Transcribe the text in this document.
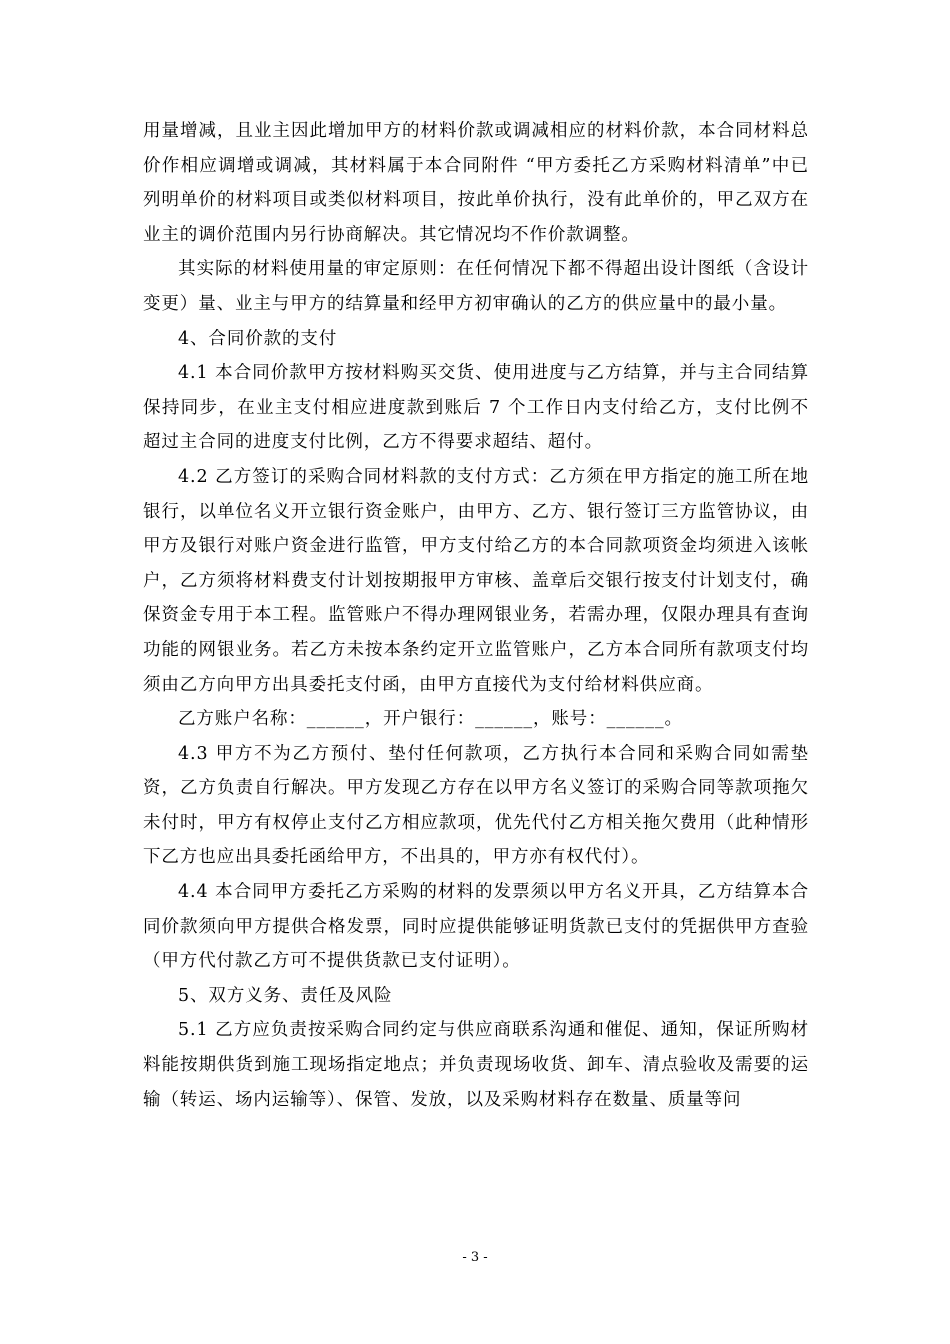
用量增减，且业主因此增加甲方的材料价款或调减相应的材料价款，本合同材料总价作相应调增或调减，其材料属于本合同附件 “甲方委托乙方采购材料清单”中已列明单价的材料项目或类似材料项目，按此单价执行，没有此单价的，甲乙双方在业主的调价范围内另行协商解决。其它情况均不作价款调整。

其实际的材料使用量的审定原则：在任何情况下都不得超出设计图纸（含设计变更）量、业主与甲方的结算量和经甲方初审确认的乙方的供应量中的最小量。

4、合同价款的支付

4.1 本合同价款甲方按材料购买交货、使用进度与乙方结算，并与主合同结算保持同步，在业主支付相应进度款到账后 7 个工作日内支付给乙方，支付比例不超过主合同的进度支付比例，乙方不得要求超结、超付。

4.2 乙方签订的采购合同材料款的支付方式：乙方须在甲方指定的施工所在地银行，以单位名义开立银行资金账户，由甲方、乙方、银行签订三方监管协议，由甲方及银行对账户资金进行监管，甲方支付给乙方的本合同款项资金均须进入该帐户，乙方须将材料费支付计划按期报甲方审核、盖章后交银行按支付计划支付，确保资金专用于本工程。监管账户不得办理网银业务，若需办理，仅限办理具有查询功能的网银业务。若乙方未按本条约定开立监管账户，乙方本合同所有款项支付均须由乙方向甲方出具委托支付函，由甲方直接代为支付给材料供应商。

乙方账户名称：______，开户银行：______，账号：______。

4.3 甲方不为乙方预付、垫付任何款项，乙方执行本合同和采购合同如需垫资，乙方负责自行解决。甲方发现乙方存在以甲方名义签订的采购合同等款项拖欠未付时，甲方有权停止支付乙方相应款项，优先代付乙方相关拖欠费用（此种情形下乙方也应出具委托函给甲方，不出具的，甲方亦有权代付）。

4.4 本合同甲方委托乙方采购的材料的发票须以甲方名义开具，乙方结算本合同价款须向甲方提供合格发票，同时应提供能够证明货款已支付的凭据供甲方查验（甲方代付款乙方可不提供货款已支付证明）。

5、双方义务、责任及风险

5.1 乙方应负责按采购合同约定与供应商联系沟通和催促、通知，保证所购材料能按期供货到施工现场指定地点；并负责现场收货、卸车、清点验收及需要的运输（转运、场内运输等）、保管、发放，以及采购材料存在数量、质量等问

- 3 -
